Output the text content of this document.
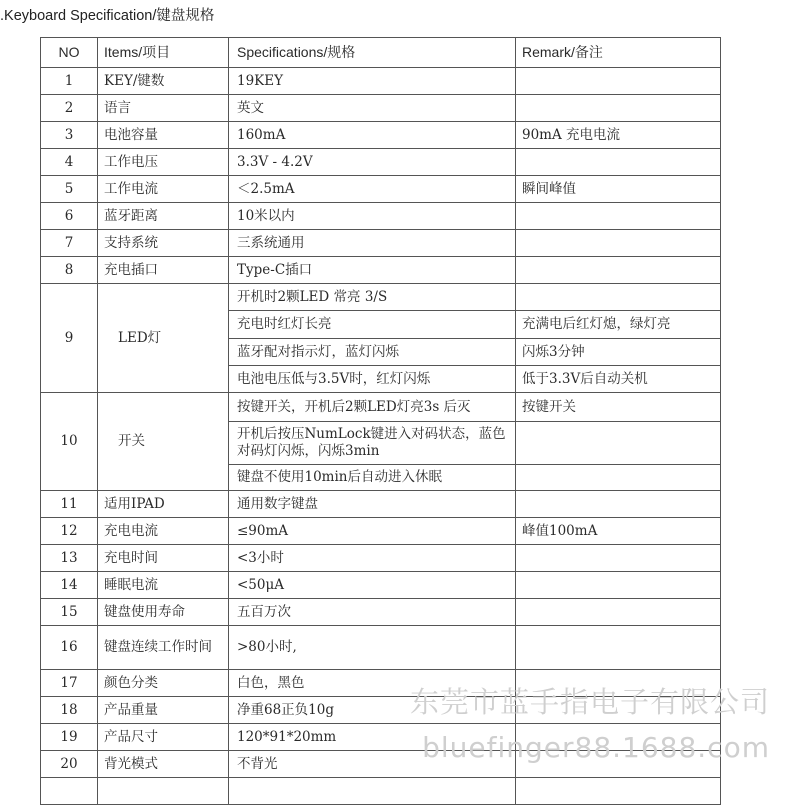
.Keyboard Specification/键盘规格
NO	Items/项目	Specifications/规格	Remark/备注
1	KEY/键数	19KEY	
2	语言	英文	
3	电池容量	160mA	90mA 充电电流
4	工作电压	3.3V - 4.2V	
5	工作电流	＜2.5mA	瞬间峰值
6	蓝牙距离	10米以内	
7	支持系统	三系统通用	
8	充电插口	Type-C插口	
9	LED灯	开机时2颗LED 常亮 3/S	
		充电时红灯长亮	充满电后红灯熄，绿灯亮
		蓝牙配对指示灯，蓝灯闪烁	闪烁3分钟
		电池电压低与3.5V时，红灯闪烁	低于3.3V后自动关机
10	开关	按键开关，开机后2颗LED灯亮3s 后灭	按键开关
		开机后按压NumLock键进入对码状态，蓝色对码灯闪烁，闪烁3min	
		键盘不使用10min后自动进入休眠	
11	适用IPAD	通用数字键盘	
12	充电电流	≤90mA	峰值100mA
13	充电时间	<3小时	
14	睡眠电流	<50μA	
15	键盘使用寿命	五百万次	
16	键盘连续工作时间	>80小时,	
17	颜色分类	白色，黑色	
18	产品重量	净重68正负10g	
19	产品尺寸	120*91*20mm	
20	背光模式	不背光	

东莞市蓝手指电子有限公司
bluefinger88.1688.com
